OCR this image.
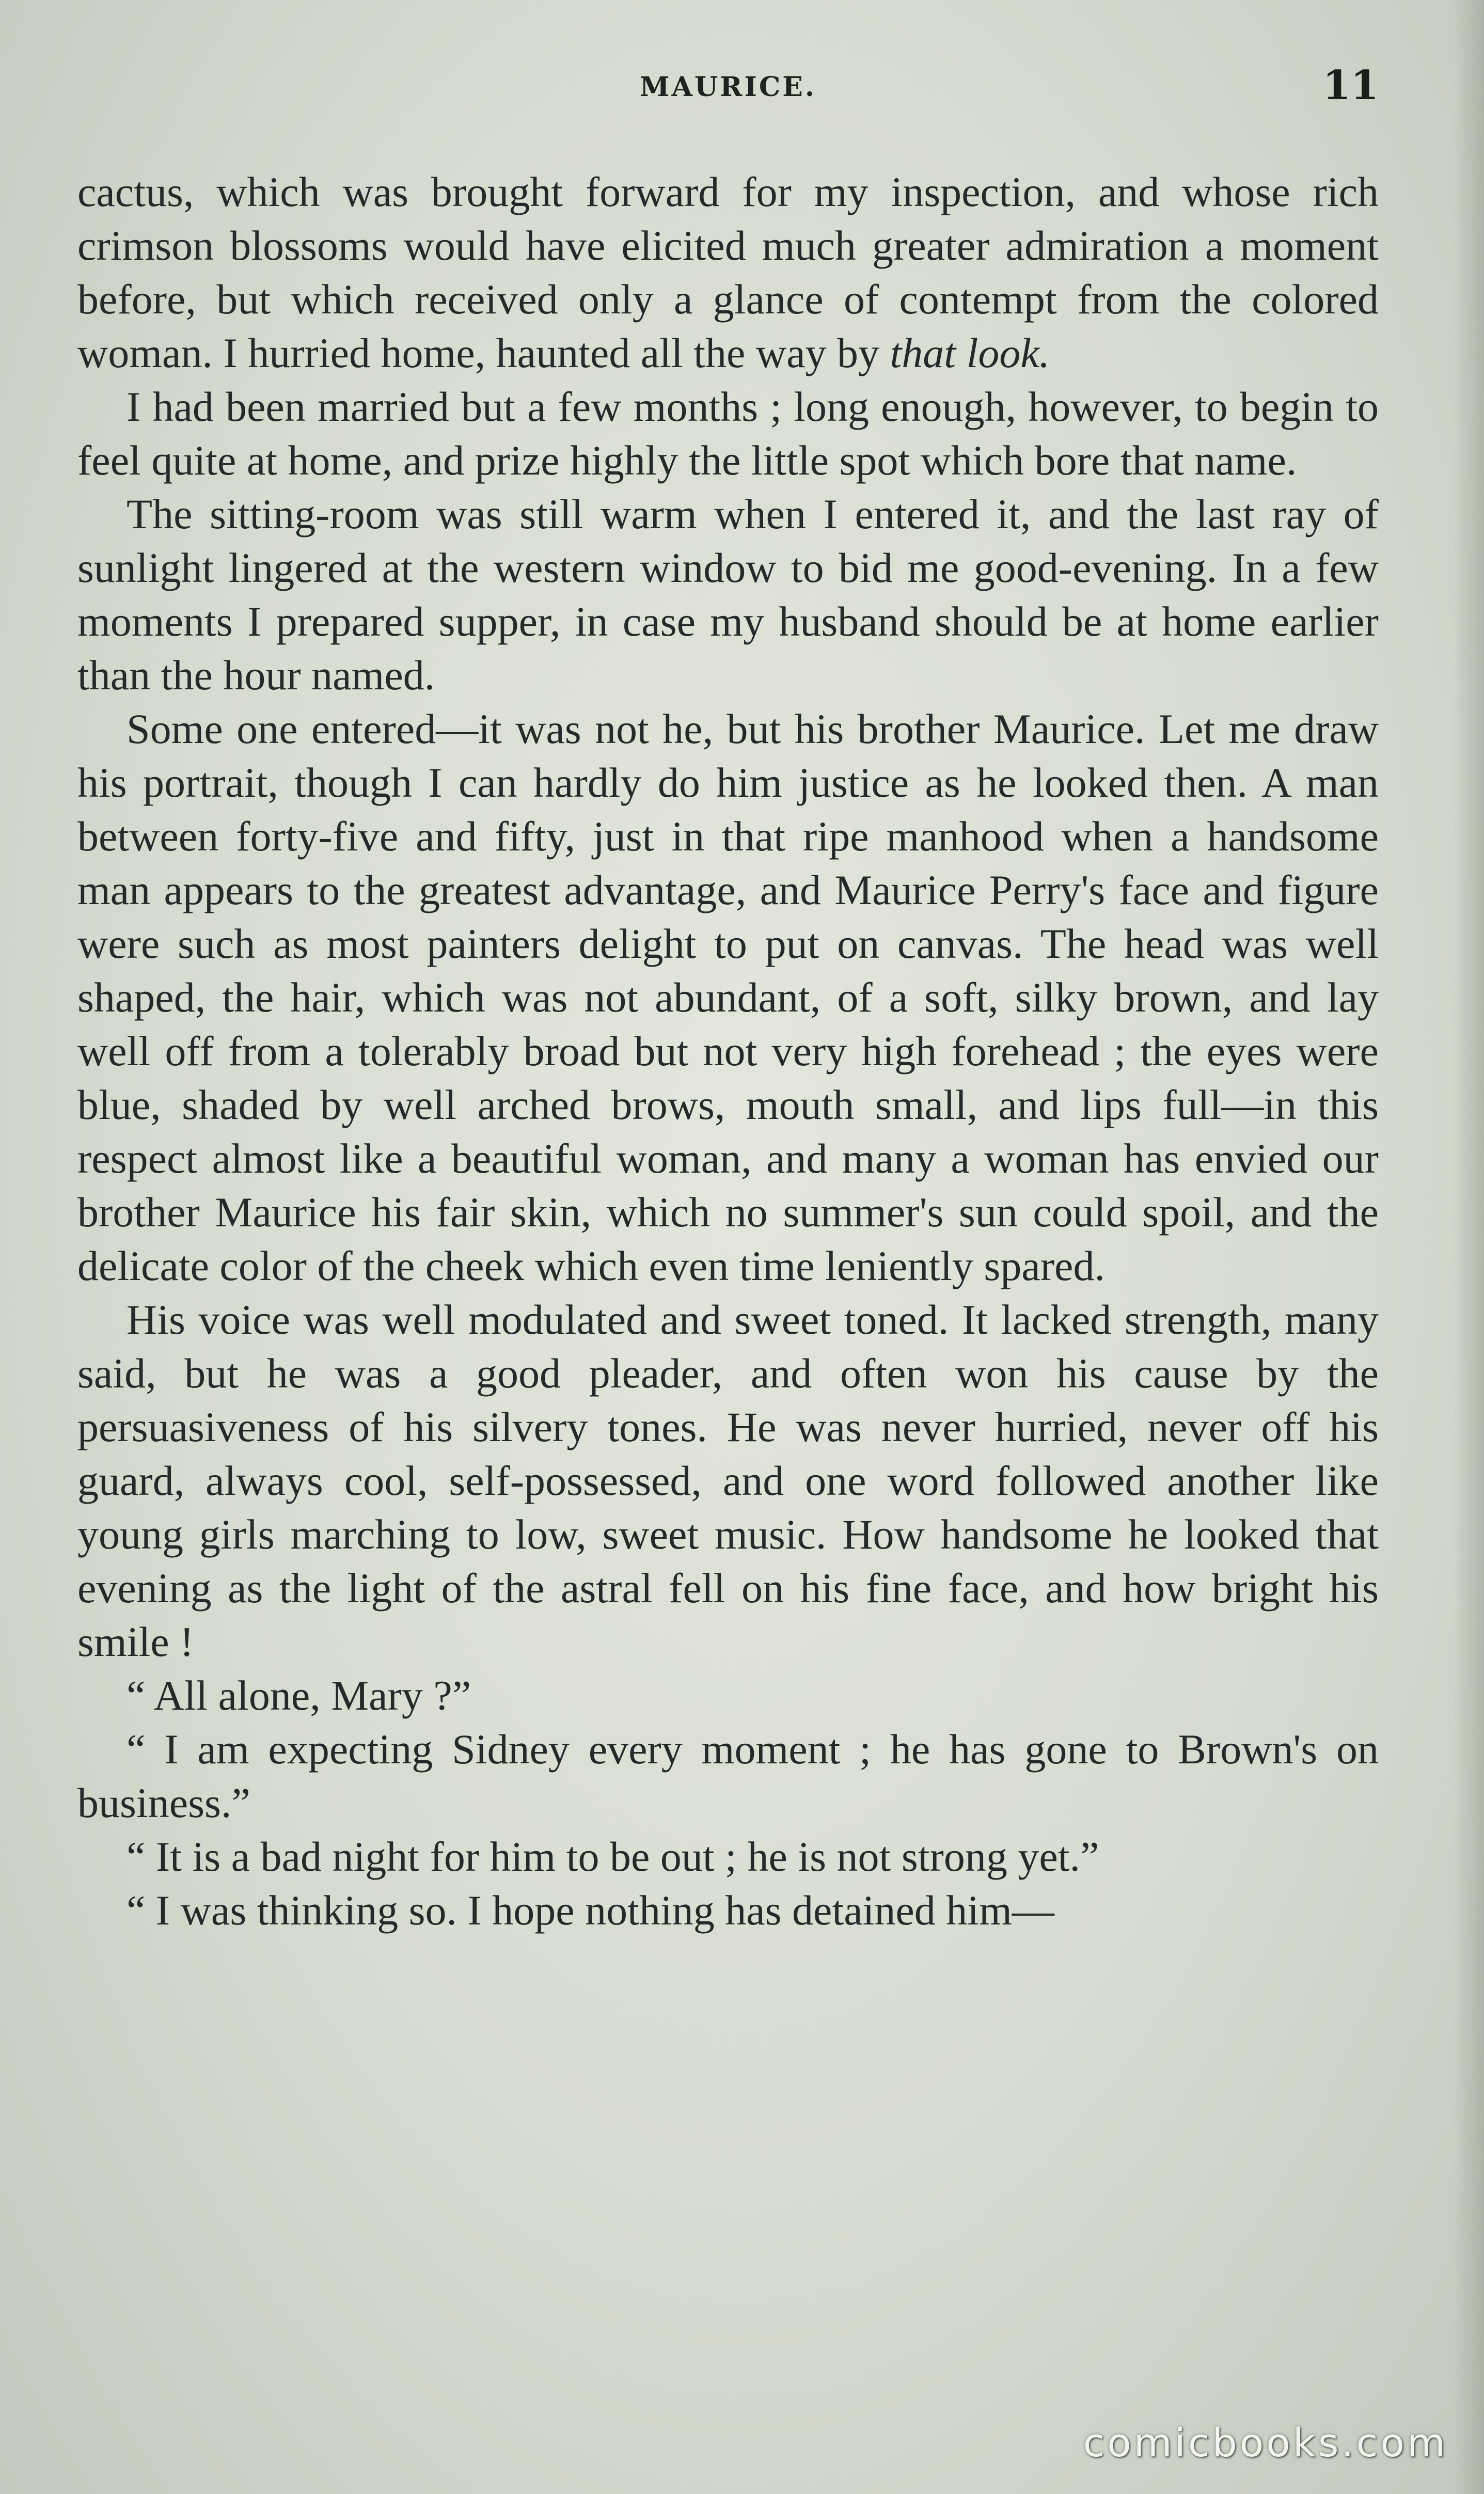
MAURICE.	11

cactus, which was brought forward for my inspection, and whose rich crimson blossoms would have elicited much greater admiration a moment before, but which received only a glance of contempt from the colored woman. I hurried home, haunted all the way by that look.

I had been married but a few months ; long enough, however, to begin to feel quite at home, and prize highly the little spot which bore that name.

The sitting-room was still warm when I entered it, and the last ray of sunlight lingered at the western window to bid me good-evening. In a few moments I prepared supper, in case my husband should be at home earlier than the hour named.

Some one entered—it was not he, but his brother Maurice. Let me draw his portrait, though I can hardly do him justice as he looked then. A man between forty-five and fifty, just in that ripe manhood when a handsome man appears to the greatest advantage, and Maurice Perry's face and figure were such as most painters delight to put on canvas. The head was well shaped, the hair, which was not abundant, of a soft, silky brown, and lay well off from a tolerably broad but not very high forehead ; the eyes were blue, shaded by well arched brows, mouth small, and lips full—in this respect almost like a beautiful woman, and many a woman has envied our brother Maurice his fair skin, which no summer's sun could spoil, and the delicate color of the cheek which even time leniently spared.

His voice was well modulated and sweet toned. It lacked strength, many said, but he was a good pleader, and often won his cause by the persuasiveness of his silvery tones. He was never hurried, never off his guard, always cool, self-possessed, and one word followed another like young girls marching to low, sweet music. How handsome he looked that evening as the light of the astral fell on his fine face, and how bright his smile !

“ All alone, Mary ?”

“ I am expecting Sidney every moment ; he has gone to Brown's on business.”

“ It is a bad night for him to be out ; he is not strong yet.”

“ I was thinking so. I hope nothing has detained him—

comicbooks.com
